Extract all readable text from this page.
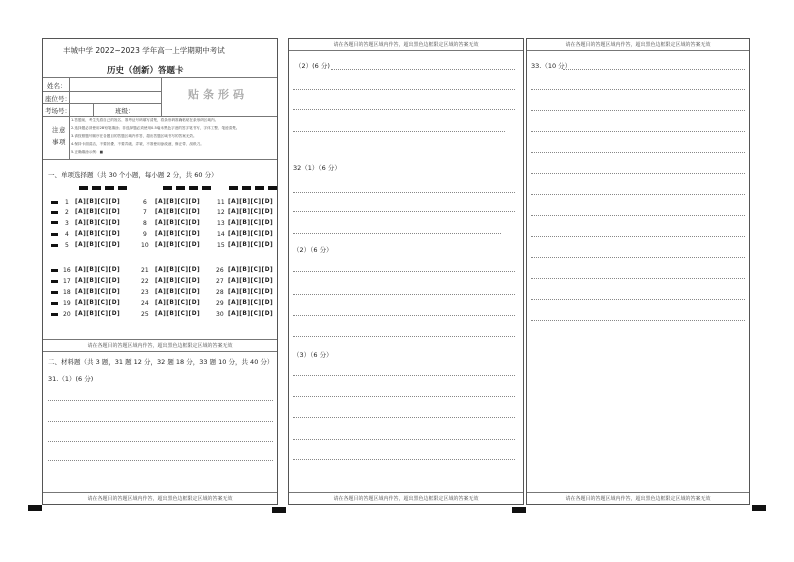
丰城中学 2022~2023 学年高一上学期期中考试
历史（创新）答题卡
姓名：
座位号：
考场号：	班级：
贴条形码
注 意
事 项
1.答题前，考生先将自己的姓名、准考证号码填写清楚，将条形码准确粘贴在条形码区域内。
2.选择题必须使用2B铅笔填涂；非选择题必须使用0.5毫米黑色字迹的签字笔书写，字体工整、笔迹清楚。
3.请按照题号顺序在各题目的答题区域内作答，超出答题区域书写的答案无效。
4.保持卡面清洁，不要折叠、不要弄破、弄皱，不准使用涂改液、修正带、刮纸刀。
5.正确填涂示例：■
一、单项选择题（共 30 个小题，每小题 2 分，共 60 分）
1
2
3
4
5
[A][B][C][D]
[A][B][C][D]
[A][B][C][D]
[A][B][C][D]
[A][B][C][D]
6
7
8
9
10
[A][B][C][D]
[A][B][C][D]
[A][B][C][D]
[A][B][C][D]
[A][B][C][D]
11
12
13
14
15
[A][B][C][D]
[A][B][C][D]
[A][B][C][D]
[A][B][C][D]
[A][B][C][D]
16
17
18
19
20
[A][B][C][D]
[A][B][C][D]
[A][B][C][D]
[A][B][C][D]
[A][B][C][D]
21
22
23
24
25
[A][B][C][D]
[A][B][C][D]
[A][B][C][D]
[A][B][C][D]
[A][B][C][D]
26
27
28
29
30
[A][B][C][D]
[A][B][C][D]
[A][B][C][D]
[A][B][C][D]
[A][B][C][D]
请在各题目的答题区域内作答，超出黑色边框限定区域的答案无效
二、材料题（共 3 题，31 题 12 分，32 题 18 分，33 题 10 分，共 40 分）
31.（1）(6 分)
请在各题目的答题区域内作答，超出黑色边框限定区域的答案无效
请在各题目的答题区域内作答，超出黑色边框限定区域的答案无效
（2）(6 分)
32（1）（6 分）
（2）（6 分）
（3）（6 分）
请在各题目的答题区域内作答，超出黑色边框限定区域的答案无效
请在各题目的答题区域内作答，超出黑色边框限定区域的答案无效
33.（10 分）
请在各题目的答题区域内作答，超出黑色边框限定区域的答案无效
